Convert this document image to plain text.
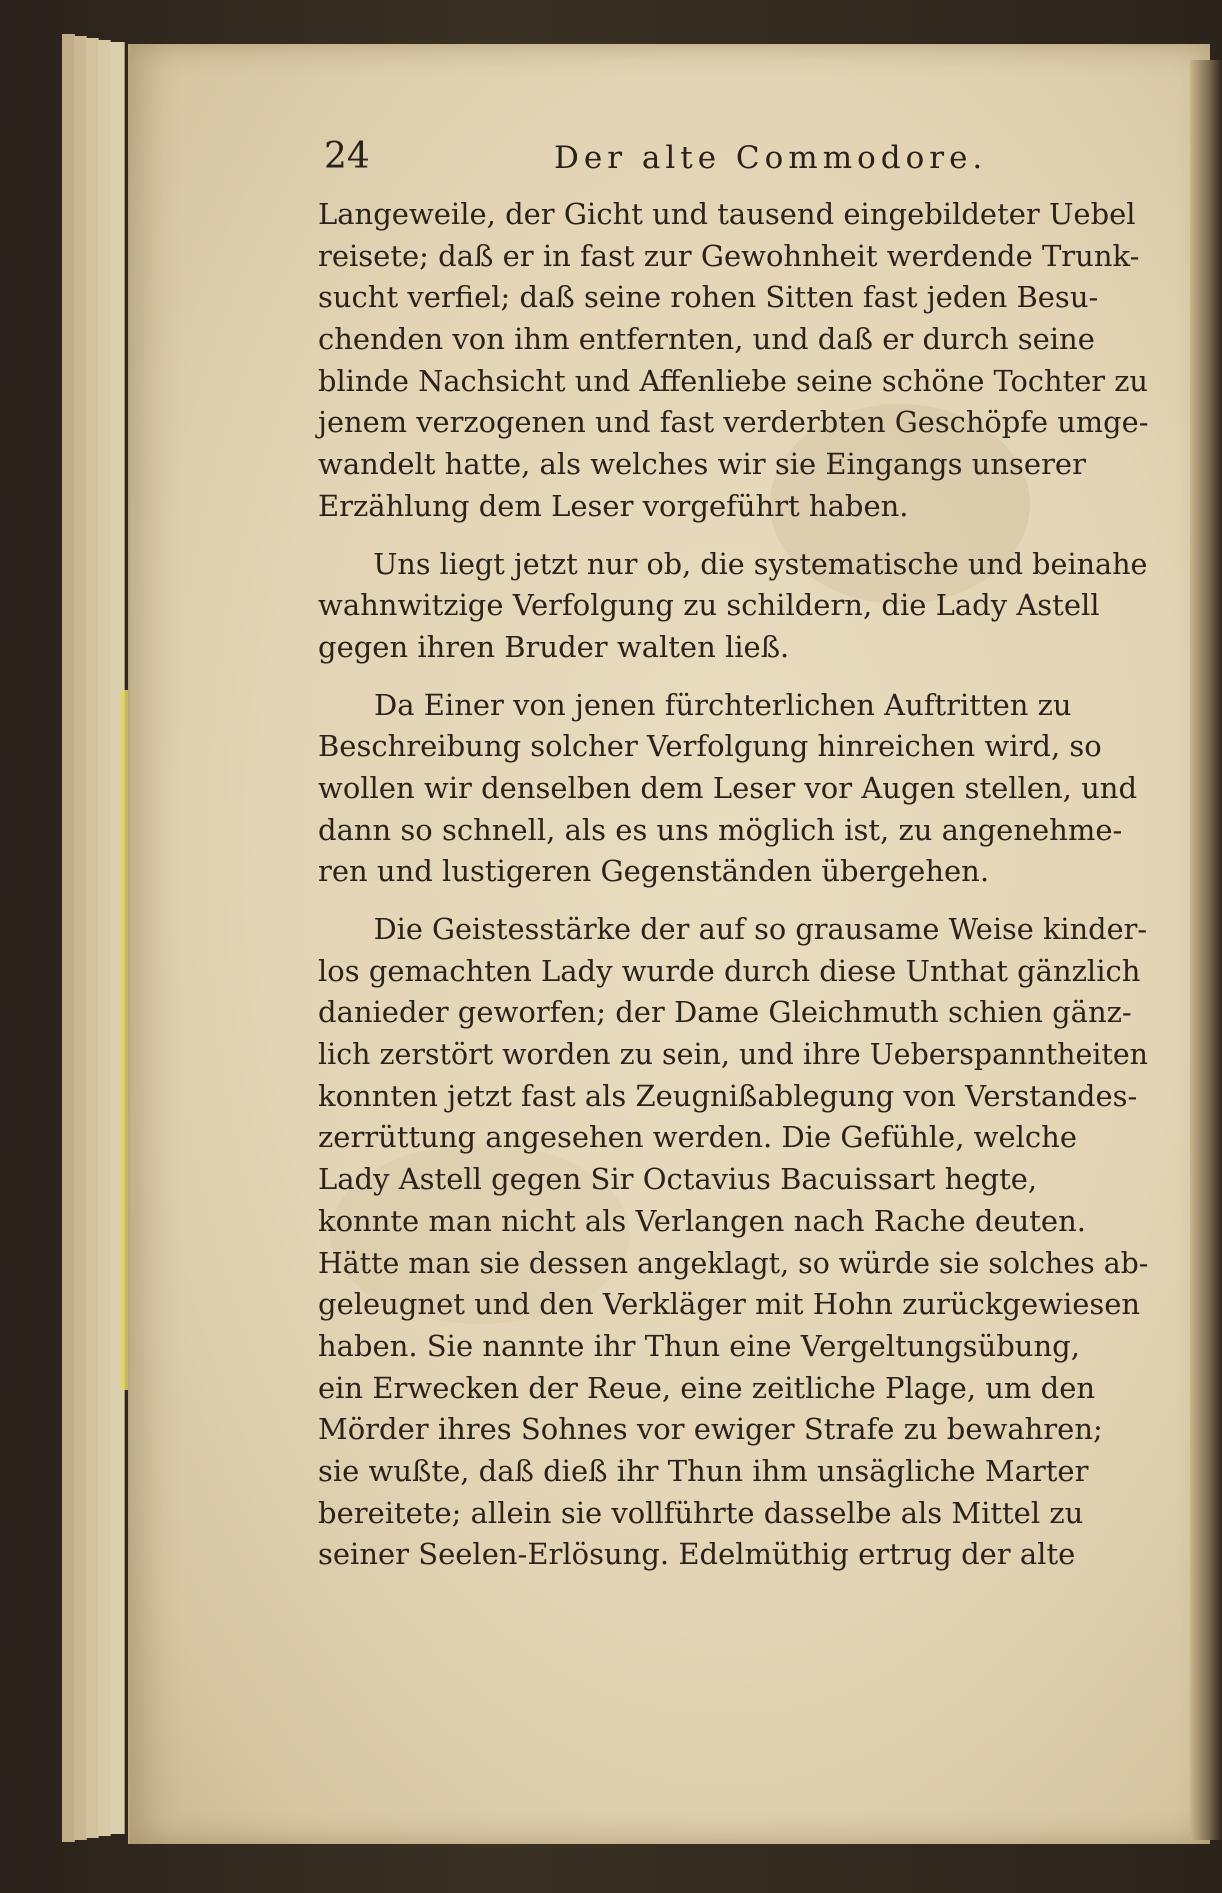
24	Der alte Commodore.
Langeweile, der Gicht und tausend eingebildeter Uebel
reisete; daß er in fast zur Gewohnheit werdende Trunk-
sucht verfiel; daß seine rohen Sitten fast jeden Besu-
chenden von ihm entfernten, und daß er durch seine
blinde Nachsicht und Affenliebe seine schöne Tochter zu
jenem verzogenen und fast verderbten Geschöpfe umge-
wandelt hatte, als welches wir sie Eingangs unserer
Erzählung dem Leser vorgeführt haben.
Uns liegt jetzt nur ob, die systematische und beinahe
wahnwitzige Verfolgung zu schildern, die Lady Astell
gegen ihren Bruder walten ließ.
Da Einer von jenen fürchterlichen Auftritten zu
Beschreibung solcher Verfolgung hinreichen wird, so
wollen wir denselben dem Leser vor Augen stellen, und
dann so schnell, als es uns möglich ist, zu angenehme-
ren und lustigeren Gegenständen übergehen.
Die Geistesstärke der auf so grausame Weise kinder-
los gemachten Lady wurde durch diese Unthat gänzlich
danieder geworfen; der Dame Gleichmuth schien gänz-
lich zerstört worden zu sein, und ihre Ueberspanntheiten
konnten jetzt fast als Zeugnißablegung von Verstandes-
zerrüttung angesehen werden. Die Gefühle, welche
Lady Astell gegen Sir Octavius Bacuissart hegte,
konnte man nicht als Verlangen nach Rache deuten.
Hätte man sie dessen angeklagt, so würde sie solches ab-
geleugnet und den Verkläger mit Hohn zurückgewiesen
haben. Sie nannte ihr Thun eine Vergeltungsübung,
ein Erwecken der Reue, eine zeitliche Plage, um den
Mörder ihres Sohnes vor ewiger Strafe zu bewahren;
sie wußte, daß dieß ihr Thun ihm unsägliche Marter
bereitete; allein sie vollführte dasselbe als Mittel zu
seiner Seelen-Erlösung. Edelmüthig ertrug der alte
